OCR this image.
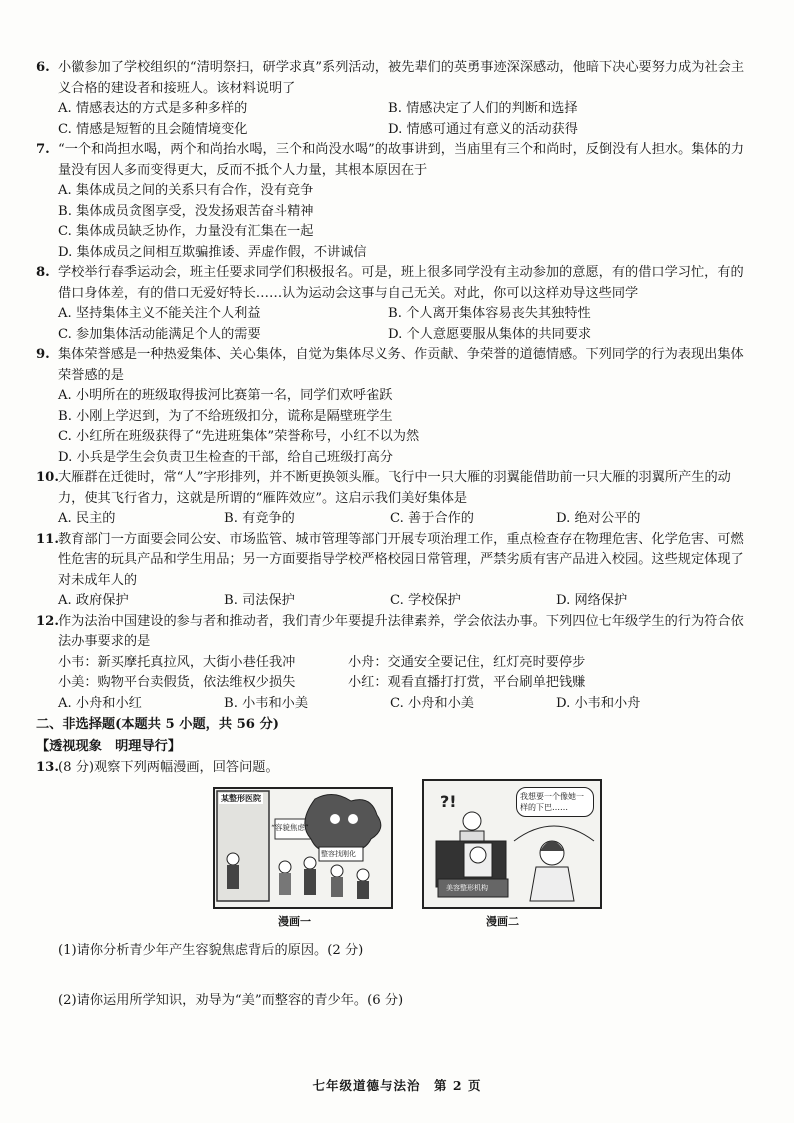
6. 小徽参加了学校组织的“清明祭扫，研学求真”系列活动，被先辈们的英勇事迹深深感动，他暗下决心要努力成为社会主义合格的建设者和接班人。该材料说明了
A. 情感表达的方式是多种多样的	B. 情感决定了人们的判断和选择
C. 情感是短暂的且会随情境变化	D. 情感可通过有意义的活动获得
7. “一个和尚担水喝，两个和尚抬水喝，三个和尚没水喝”的故事讲到，当庙里有三个和尚时，反倒没有人担水。集体的力量没有因人多而变得更大，反而不抵个人力量，其根本原因在于
A. 集体成员之间的关系只有合作，没有竞争
B. 集体成员贪图享受，没发扬艰苦奋斗精神
C. 集体成员缺乏协作，力量没有汇集在一起
D. 集体成员之间相互欺骗推诿、弄虚作假，不讲诚信
8. 学校举行春季运动会，班主任要求同学们积极报名。可是，班上很多同学没有主动参加的意愿，有的借口学习忙，有的借口身体差，有的借口无爱好特长……认为运动会这事与自己无关。对此，你可以这样劝导这些同学
A. 坚持集体主义不能关注个人利益	B. 个人离开集体容易丧失其独特性
C. 参加集体活动能满足个人的需要	D. 个人意愿要服从集体的共同要求
9. 集体荣誉感是一种热爱集体、关心集体，自觉为集体尽义务、作贡献、争荣誉的道德情感。下列同学的行为表现出集体荣誉感的是
A. 小明所在的班级取得拔河比赛第一名，同学们欢呼雀跃
B. 小刚上学迟到，为了不给班级扣分，谎称是隔壁班学生
C. 小红所在班级获得了“先进班集体”荣誉称号，小红不以为然
D. 小兵是学生会负责卫生检查的干部，给自己班级打高分
10. 大雁群在迁徙时，常“人”字形排列，并不断更换领头雁。飞行中一只大雁的羽翼能借助前一只大雁的羽翼所产生的动力，使其飞行省力，这就是所谓的“雁阵效应”。这启示我们美好集体是
A. 民主的	B. 有竞争的	C. 善于合作的	D. 绝对公平的
11. 教育部门一方面要会同公安、市场监管、城市管理等部门开展专项治理工作，重点检查存在物理危害、化学危害、可燃性危害的玩具产品和学生用品；另一方面要指导学校严格校园日常管理，严禁劣质有害产品进入校园。这些规定体现了对未成年人的
A. 政府保护	B. 司法保护	C. 学校保护	D. 网络保护
12. 作为法治中国建设的参与者和推动者，我们青少年要提升法律素养，学会依法办事。下列四位七年级学生的行为符合依法办事要求的是
小韦：新买摩托真拉风，大街小巷任我冲	小舟：交通安全要记住，红灯亮时要停步
小美：购物平台卖假货，依法维权少损失	小红：观看直播打打赏，平台刷单把钱赚
A. 小舟和小红	B. 小韦和小美	C. 小舟和小美	D. 小韦和小舟
二、非选择题(本题共 5 小题，共 56 分)
【透视现象　明理导行】
13. (8 分)观察下列两幅漫画，回答问题。
某整形医院
“容貌焦虑”
整容找刚化
漫画一
?!	我想要一个像她一样的下巴……
美容整形机构
漫画二
(1)请你分析青少年产生容貌焦虑背后的原因。(2 分)
(2)请你运用所学知识，劝导为“美”而整容的青少年。(6 分)
七年级道德与法治　第 2 页
